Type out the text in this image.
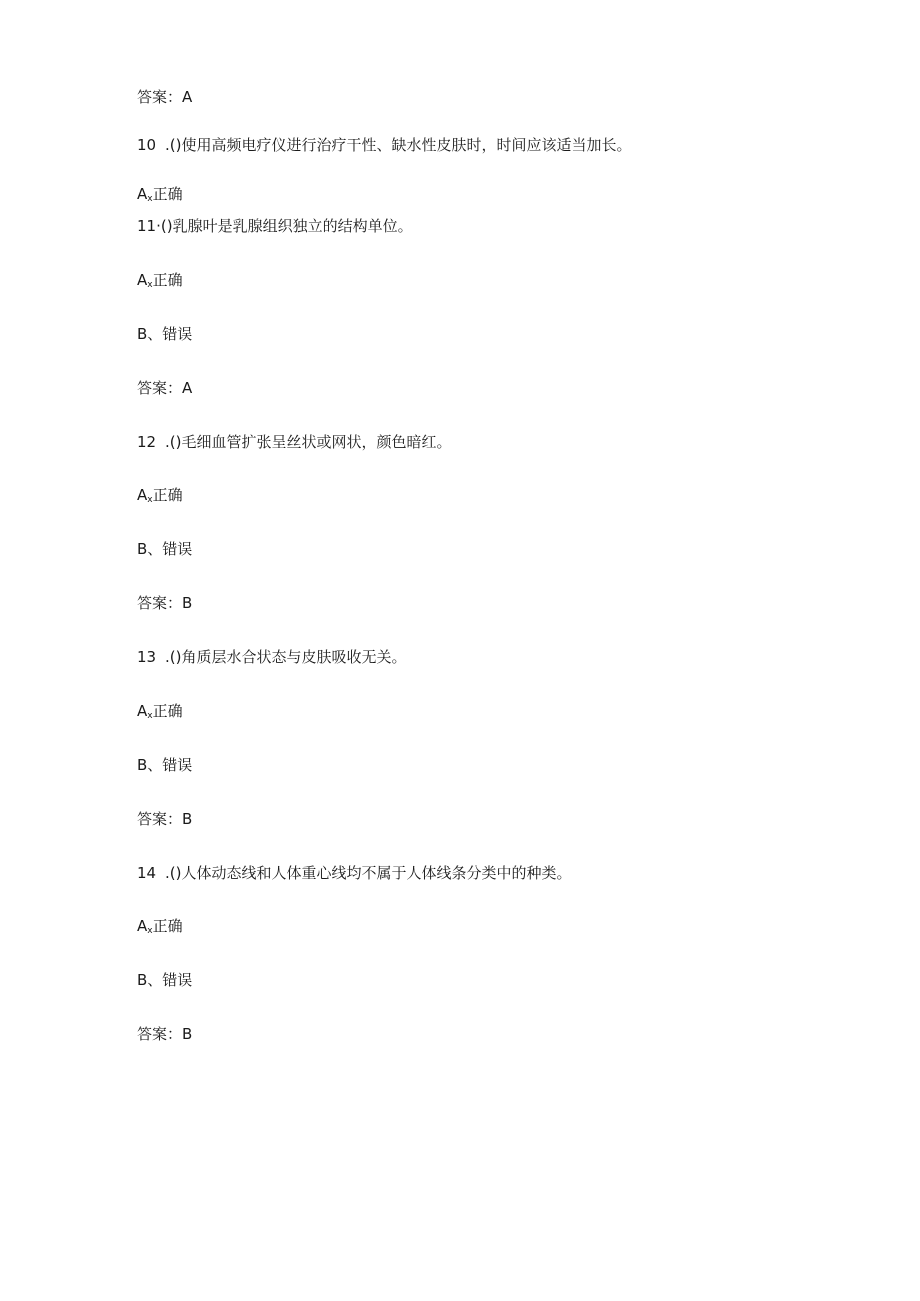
答案：A
10 .()使用高频电疗仪进行治疗干性、缺水性皮肤时，时间应该适当加长。
$A_x$正确
11·()乳腺叶是乳腺组织独立的结构单位。
$A_x$正确
B、错误
答案：A
12 .()毛细血管扩张呈丝状或网状，颜色暗红。
$A_x$正确
B、错误
答案：B
13 .()角质层水合状态与皮肤吸收无关。
$A_x$正确
B、错误
答案：B
14 .()人体动态线和人体重心线均不属于人体线条分类中的种类。
$A_x$正确
B、错误
答案：B
